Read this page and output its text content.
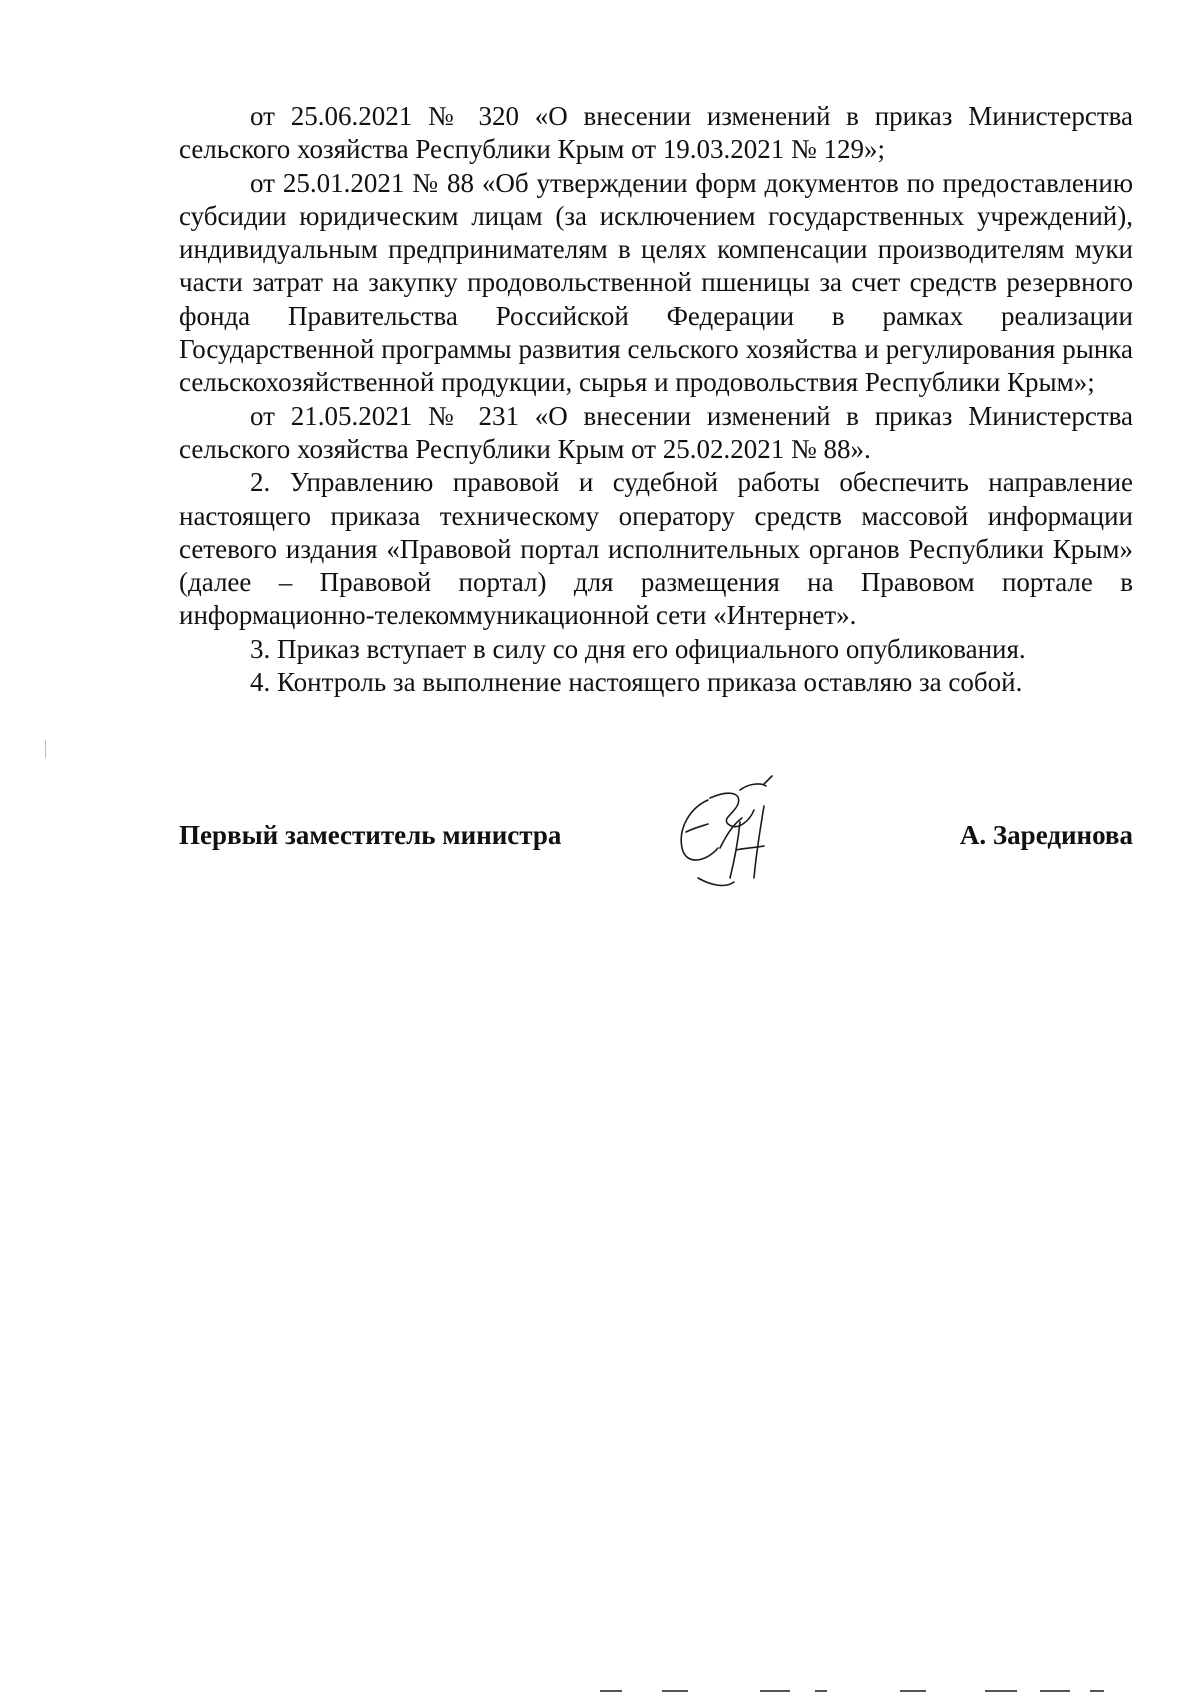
от 25.06.2021 № 320 «О внесении изменений в приказ Министерства сельского хозяйства Республики Крым от 19.03.2021 № 129»;

от 25.01.2021 № 88 «Об утверждении форм документов по предоставлению субсидии юридическим лицам (за исключением государственных учреждений), индивидуальным предпринимателям в целях компенсации производителям муки части затрат на закупку продовольственной пшеницы за счет средств резервного фонда Правительства Российской Федерации в рамках реализации Государственной программы развития сельского хозяйства и регулирования рынка сельскохозяйственной продукции, сырья и продовольствия Республики Крым»;

от 21.05.2021 № 231 «О внесении изменений в приказ Министерства сельского хозяйства Республики Крым от 25.02.2021 № 88».

2. Управлению правовой и судебной работы обеспечить направление настоящего приказа техническому оператору средств массовой информации сетевого издания «Правовой портал исполнительных органов Республики Крым» (далее – Правовой портал) для размещения на Правовом портале в информационно-телекоммуникационной сети «Интернет».

3. Приказ вступает в силу со дня его официального опубликования.

4. Контроль за выполнение настоящего приказа оставляю за собой.

Первый заместитель министра	А. Зарединова
